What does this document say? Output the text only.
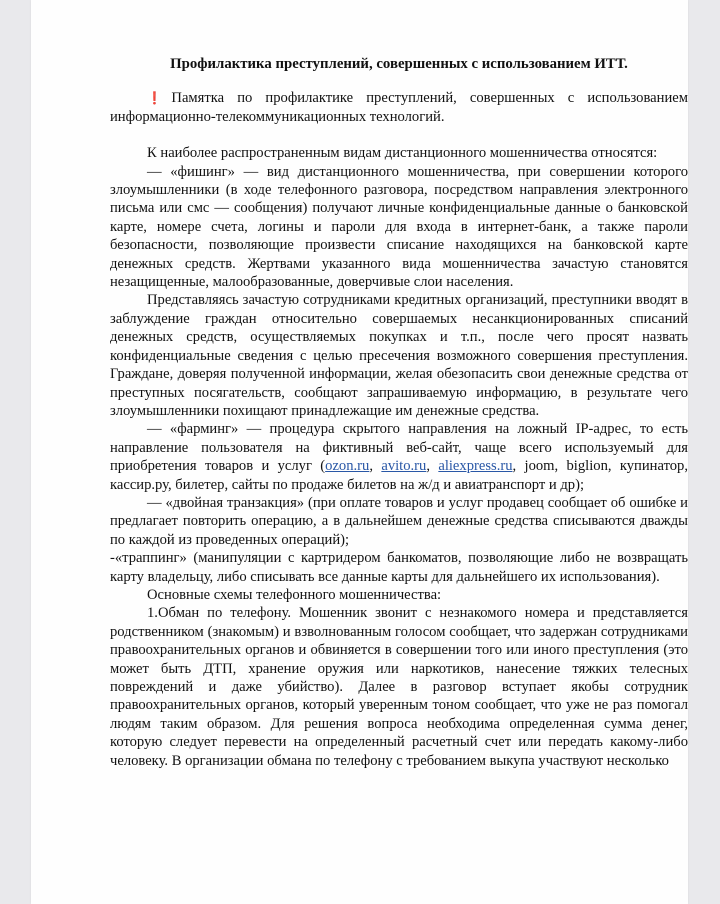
Профилактика преступлений, совершенных с использованием ИТТ.

❗Памятка по профилактике преступлений, совершенных с использованием информационно-телекоммуникационных технологий.

К наиболее распространенным видам дистанционного мошенничества относятся:

— «фишинг» — вид дистанционного мошенничества, при совершении которого злоумышленники (в ходе телефонного разговора, посредством направления электронного письма или смс — сообщения) получают личные конфиденциальные данные о банковской карте, номере счета, логины и пароли для входа в интернет-банк, а также пароли безопасности, позволяющие произвести списание находящихся на банковской карте денежных средств. Жертвами указанного вида мошенничества зачастую становятся незащищенные, малообразованные, доверчивые слои населения.

Представляясь зачастую сотрудниками кредитных организаций, преступники вводят в заблуждение граждан относительно совершаемых несанкционированных списаний денежных средств, осуществляемых покупках и т.п., после чего просят назвать конфиденциальные сведения с целью пресечения возможного совершения преступления. Граждане, доверяя полученной информации, желая обезопасить свои денежные средства от преступных посягательств, сообщают запрашиваемую информацию, в результате чего злоумышленники похищают принадлежащие им денежные средства.

— «фарминг» — процедура скрытого направления на ложный IP-адрес, то есть направление пользователя на фиктивный веб-сайт, чаще всего используемый для приобретения товаров и услуг (ozon.ru, avito.ru, aliexpress.ru, joom, biglion, купинатор, кассир.ру, билетер, сайты по продаже билетов на ж/д и авиатранспорт и др);

— «двойная транзакция» (при оплате товаров и услуг продавец сообщает об ошибке и предлагает повторить операцию, а в дальнейшем денежные средства списываются дважды по каждой из проведенных операций);

-«траппинг» (манипуляции с картридером банкоматов, позволяющие либо не возвращать карту владельцу, либо списывать все данные карты для дальнейшего их использования).

Основные схемы телефонного мошенничества:

1.Обман по телефону. Мошенник звонит с незнакомого номера и представляется родственником (знакомым) и взволнованным голосом сообщает, что задержан сотрудниками правоохранительных органов и обвиняется в совершении того или иного преступления (это может быть ДТП, хранение оружия или наркотиков, нанесение тяжких телесных повреждений и даже убийство). Далее в разговор вступает якобы сотрудник правоохранительных органов, который уверенным тоном сообщает, что уже не раз помогал людям таким образом. Для решения вопроса необходима определенная сумма денег, которую следует перевести на определенный расчетный счет или передать какому-либо человеку. В организации обмана по телефону с требованием выкупа участвуют несколько
